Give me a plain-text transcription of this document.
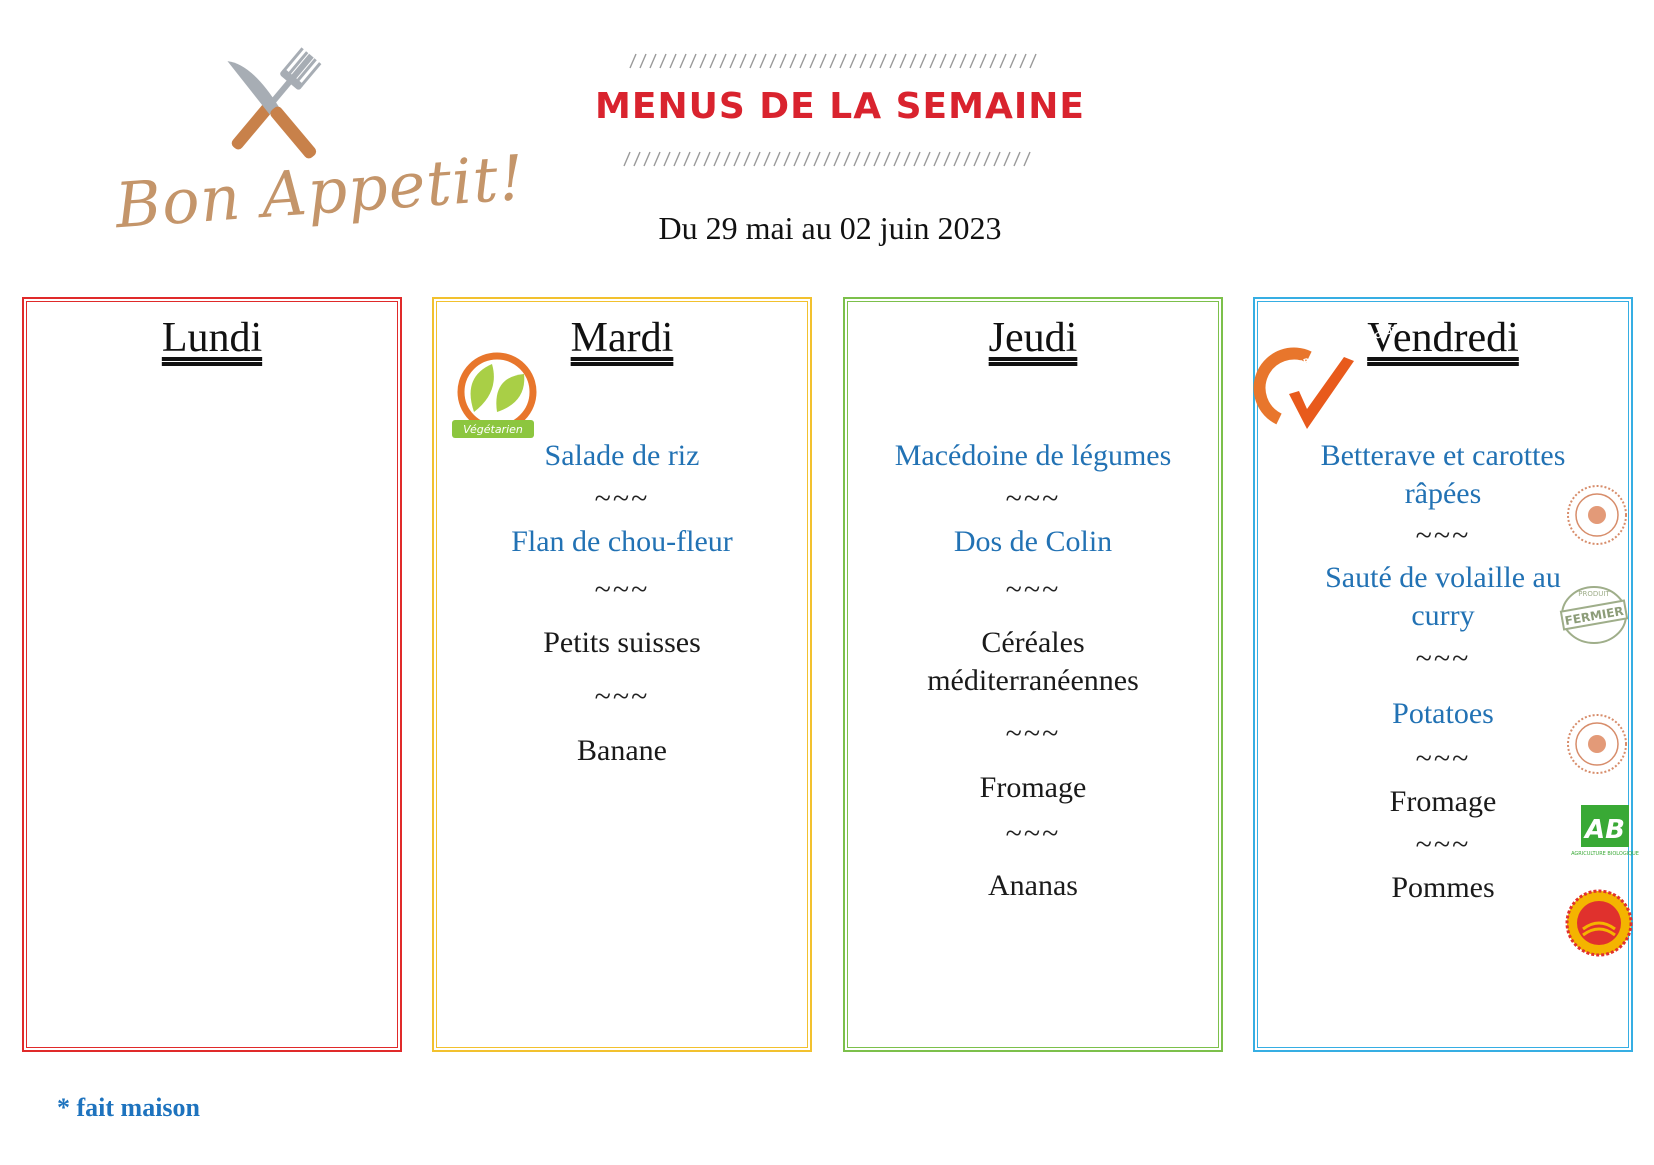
Bon Appetit!
MENUS DE LA SEMAINE
Du 29 mai au 02 juin 2023
Lundi	Mardi
Végétarien
Salade de riz
~~~
Flan de chou-fleur
~~~
Petits suisses
~~~
Banane
Jeudi
Macédoine de légumes
~~~
Dos de Colin
~~~
Céréales méditerranéennes
~~~
Fromage
~~~
Ananas
Vendredi
PRODUCTEURS LOCAUX
Betterave et carottes râpées
~~~
Sauté de volaille au curry	FERMIER
PRODUIT
~~~
Potatoes
~~~
Fromage
AB
AGRICULTURE BIOLOGIQUE
~~~
Pommes
* fait maison
